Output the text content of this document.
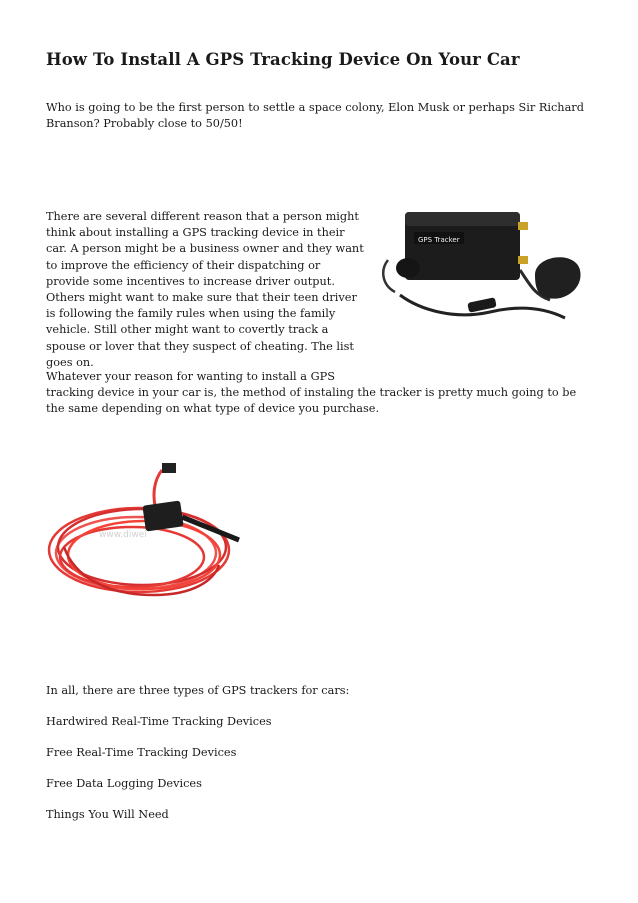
How To Install A GPS Tracking Device On Your Car

Who is going to be the first person to settle a space colony, Elon Musk or perhaps Sir Richard Branson? Probably close to 50/50!

There are several different reason that a person might think about installing a GPS tracking device in their car. A person might be a business owner and they want to improve the efficiency of their dispatching or provide some incentives to increase driver output. Others might want to make sure that their teen driver is following the family rules when using the family vehicle. Still other might want to covertly track a spouse or lover that they suspect of cheating. The list goes on.

GPS Tracker

Whatever your reason for wanting to install a GPS
tracking device in your car is, the method of instaling the tracker is pretty much going to be the same depending on what type of device you purchase.

www.diwei

In all, there are three types of GPS trackers for cars:

Hardwired Real-Time Tracking Devices

Free Real-Time Tracking Devices

Free Data Logging Devices

Things You Will Need
